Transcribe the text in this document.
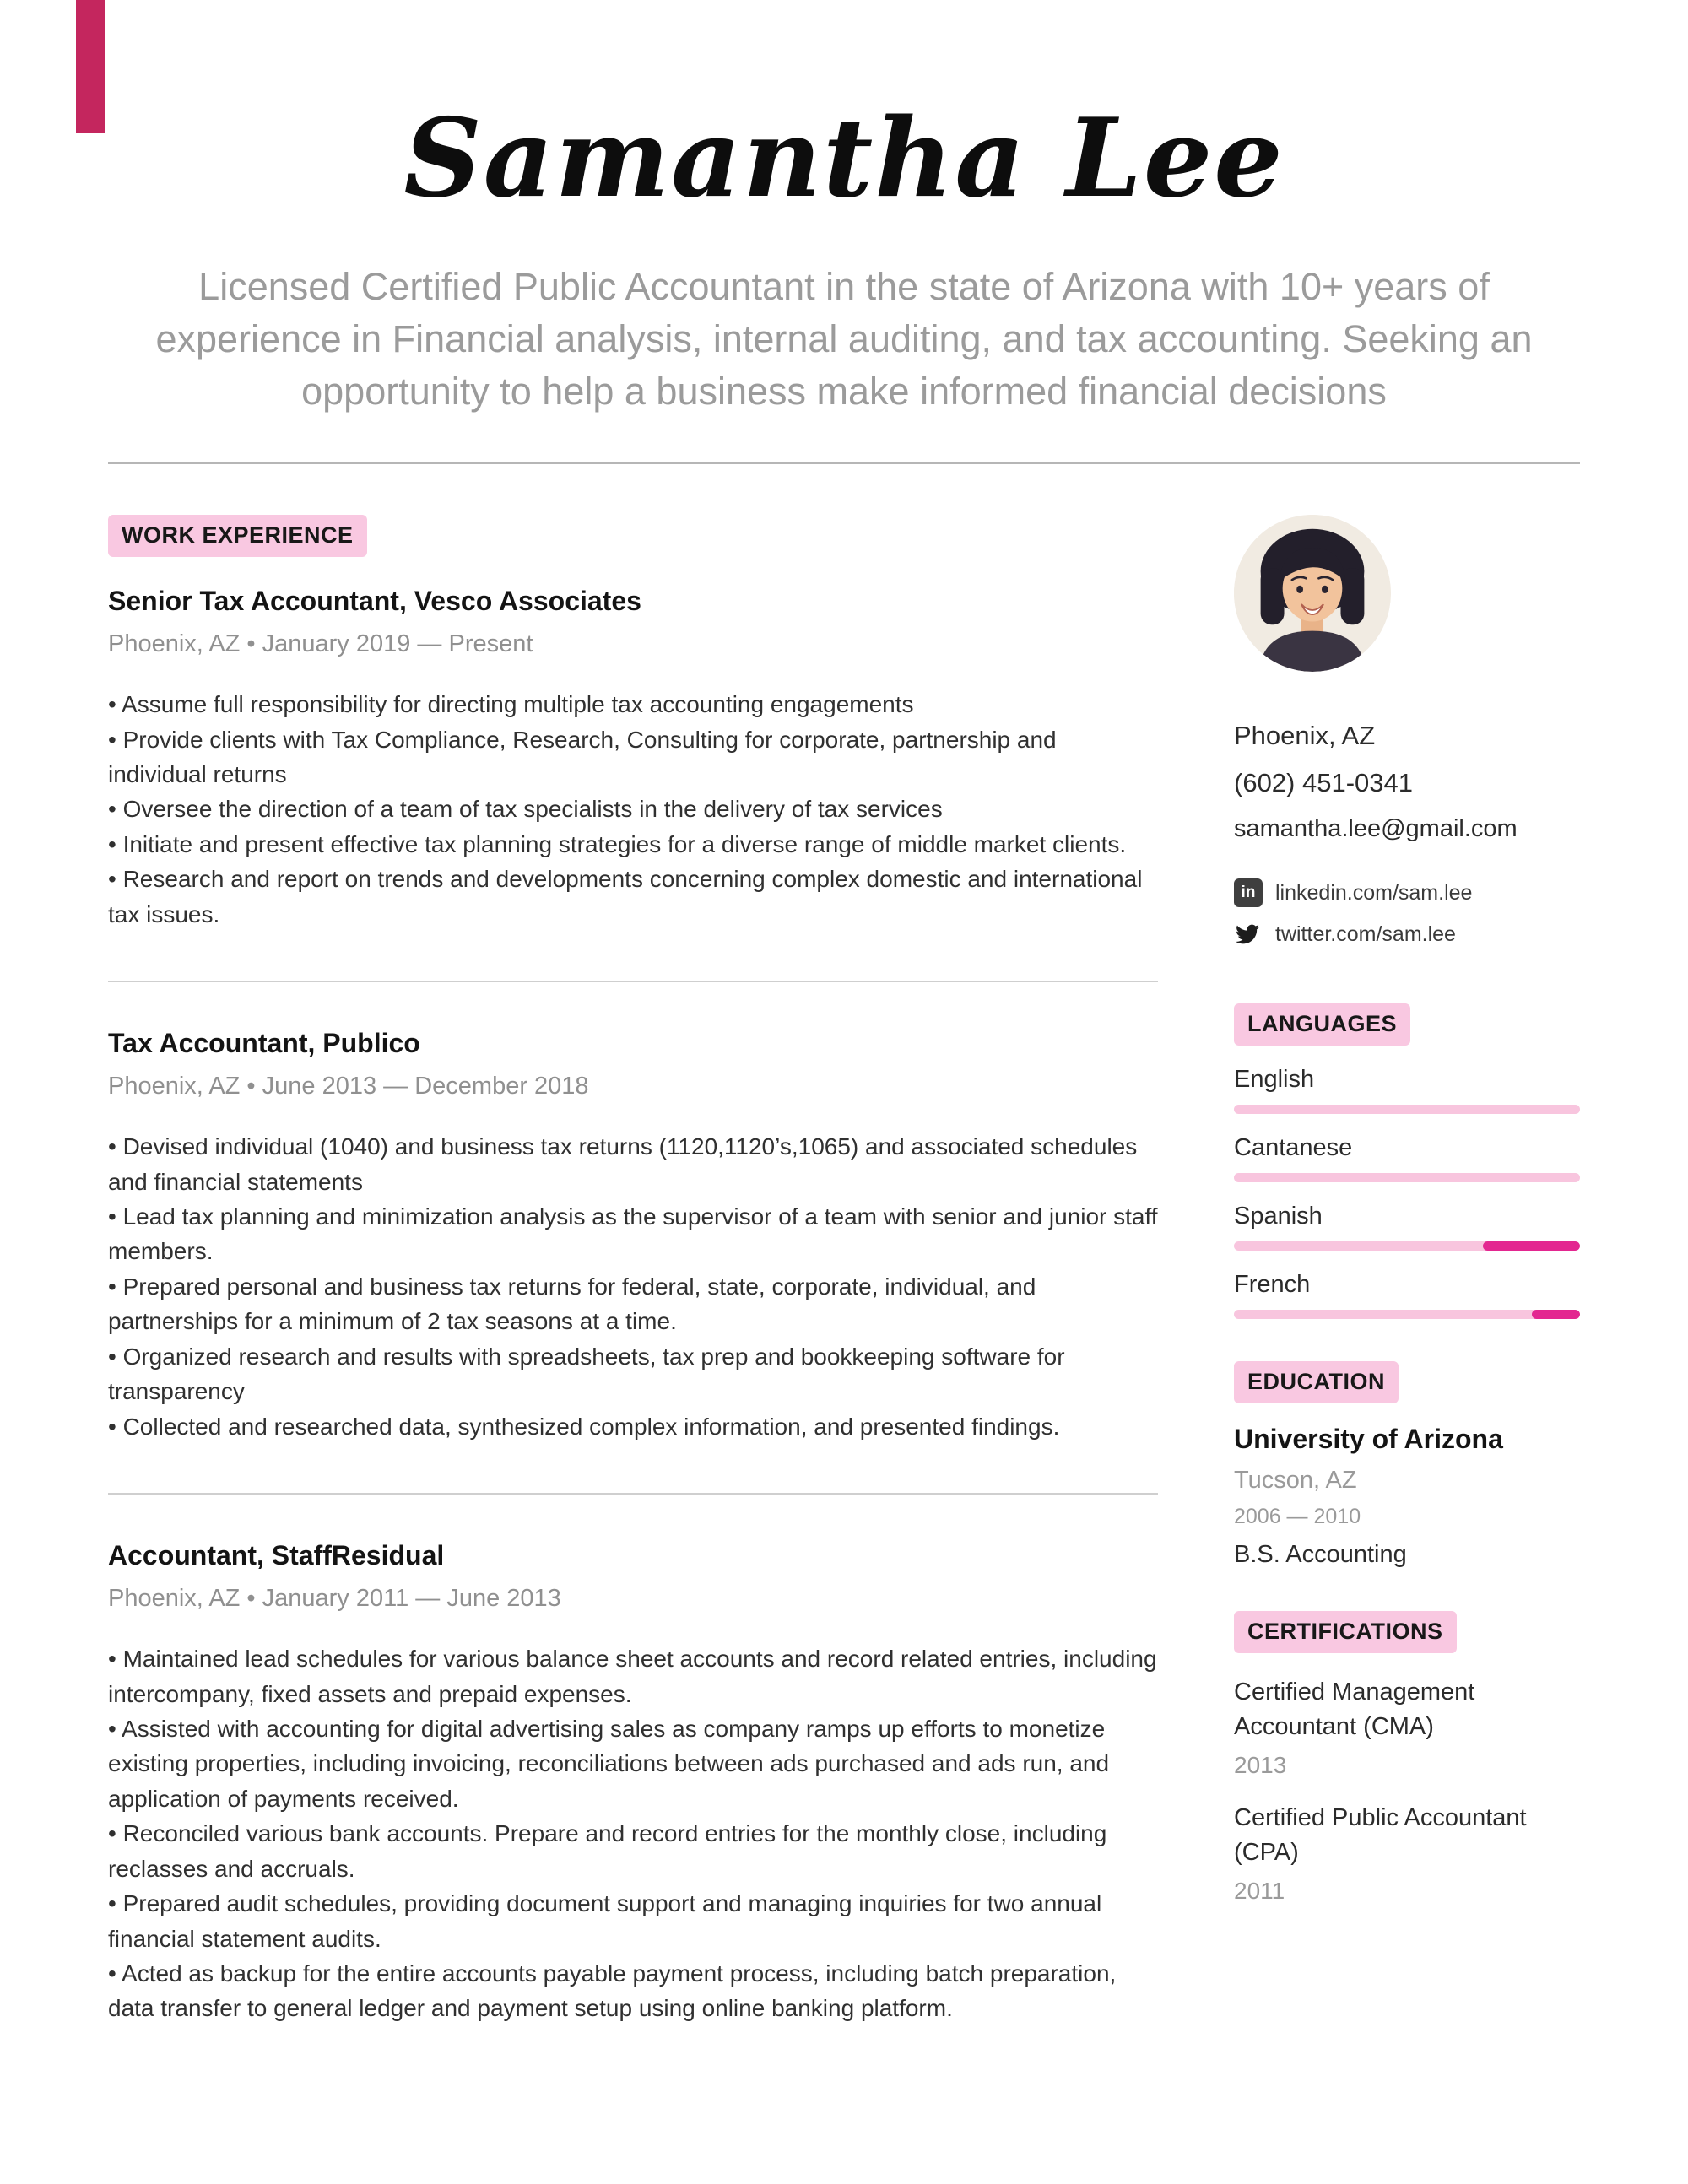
Samantha Lee

Licensed Certified Public Accountant in the state of Arizona with 10+ years of experience in Financial analysis, internal auditing, and tax accounting. Seeking an opportunity to help a business make informed financial decisions

WORK EXPERIENCE
Senior Tax Accountant, Vesco Associates
Phoenix, AZ • January 2019 — Present

• Assume full responsibility for directing multiple tax accounting engagements

• Provide clients with Tax Compliance, Research, Consulting for corporate, partnership and individual returns

• Oversee the direction of a team of tax specialists in the delivery of tax services

• Initiate and present effective tax planning strategies for a diverse range of middle market clients.

• Research and report on trends and developments concerning complex domestic and international tax issues.

Tax Accountant, Publico
Phoenix, AZ • June 2013 — December 2018

• Devised individual (1040) and business tax returns (1120,1120’s,1065) and associated schedules and financial statements

• Lead tax planning and minimization analysis as the supervisor of a team with senior and junior staff members.

• Prepared personal and business tax returns for federal, state, corporate, individual, and partnerships for a minimum of 2 tax seasons at a time.

• Organized research and results with spreadsheets, tax prep and bookkeeping software for transparency

• Collected and researched data, synthesized complex information, and presented findings.

Accountant, StaffResidual
Phoenix, AZ • January 2011 — June 2013

• Maintained lead schedules for various balance sheet accounts and record related entries, including intercompany, fixed assets and prepaid expenses.

• Assisted with accounting for digital advertising sales as company ramps up efforts to monetize existing properties, including invoicing, reconciliations between ads purchased and ads run, and application of payments received.

• Reconciled various bank accounts. Prepare and record entries for the monthly close, including reclasses and accruals.

• Prepared audit schedules, providing document support and managing inquiries for two annual financial statement audits.

• Acted as backup for the entire accounts payable payment process, including batch preparation, data transfer to general ledger and payment setup using online banking platform.

Phoenix, AZ
(602) 451-0341
samantha.lee@gmail.com
in linkedin.com/sam.lee
twitter.com/sam.lee
LANGUAGES
English
Cantanese
Spanish
French
EDUCATION
University of Arizona
Tucson, AZ
2006 — 2010
B.S. Accounting
CERTIFICATIONS
Certified Management Accountant (CMA)
2013
Certified Public Accountant (CPA)
2011
